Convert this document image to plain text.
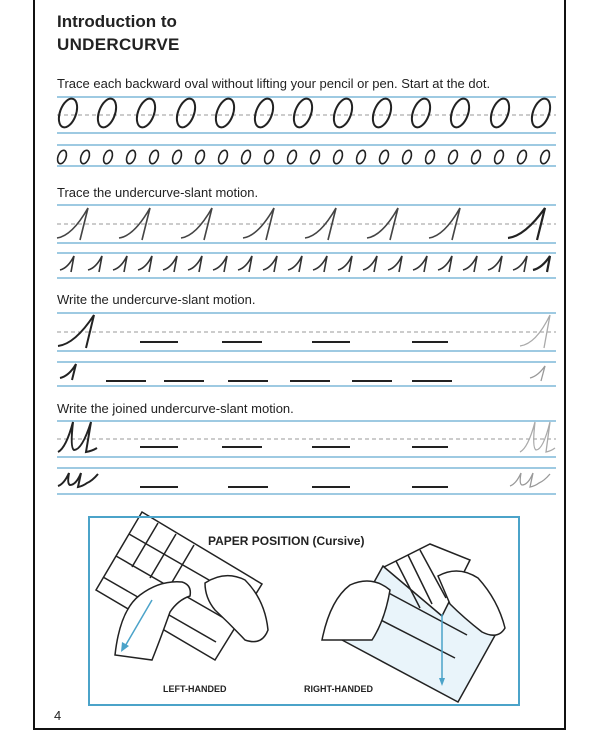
Introduction to
UNDERCURVE
Trace each backward oval without lifting your pencil or pen. Start at the dot.
Trace the undercurve-slant motion.
Write the undercurve-slant motion.
Write the joined undercurve-slant motion.
PAPER POSITION (Cursive)
LEFT-HANDED	RIGHT-HANDED
4
